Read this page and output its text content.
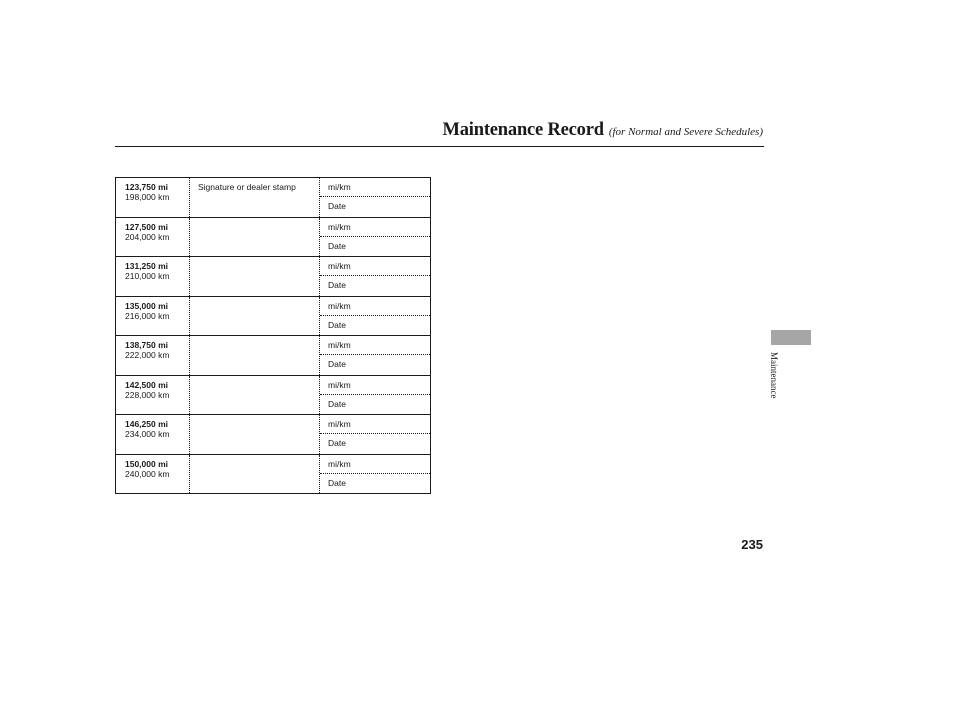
Maintenance Record (for Normal and Severe Schedules)
123,750 mi
198,000 km
Signature or dealer stamp	mi/km
Date
127,500 mi
204,000 km
mi/km
Date
131,250 mi
210,000 km
mi/km
Date
135,000 mi
216,000 km
mi/km
Date
138,750 mi
222,000 km
mi/km
Date
142,500 mi
228,000 km
mi/km
Date
146,250 mi
234,000 km
mi/km
Date
150,000 mi
240,000 km
mi/km
Date
Maintenance
235
